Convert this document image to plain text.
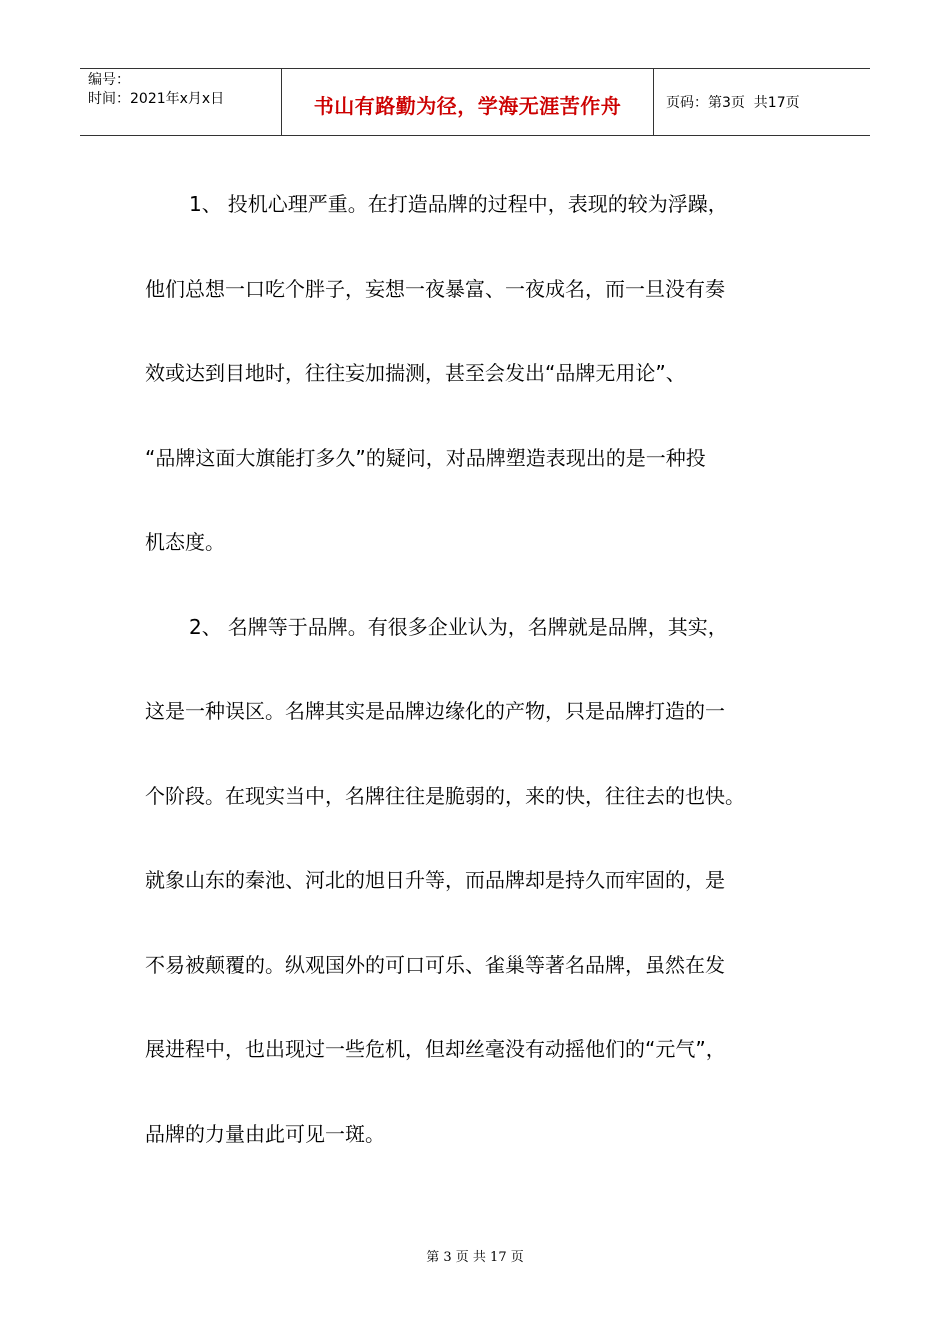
编号：
时间：2021年x月x日	书山有路勤为径，学海无涯苦作舟	页码：第3页  共17页
1、 投机心理严重。在打造品牌的过程中，表现的较为浮躁，
他们总想一口吃个胖子，妄想一夜暴富、一夜成名，而一旦没有奏
效或达到目地时，往往妄加揣测，甚至会发出“品牌无用论”、
“品牌这面大旗能打多久”的疑问，对品牌塑造表现出的是一种投
机态度。
2、 名牌等于品牌。有很多企业认为，名牌就是品牌，其实，
这是一种误区。名牌其实是品牌边缘化的产物，只是品牌打造的一
个阶段。在现实当中，名牌往往是脆弱的，来的快，往往去的也快。
就象山东的秦池、河北的旭日升等，而品牌却是持久而牢固的，是
不易被颠覆的。纵观国外的可口可乐、雀巢等著名品牌，虽然在发
展进程中，也出现过一些危机，但却丝毫没有动摇他们的“元气”，
品牌的力量由此可见一斑。
第 3 页 共 17 页
